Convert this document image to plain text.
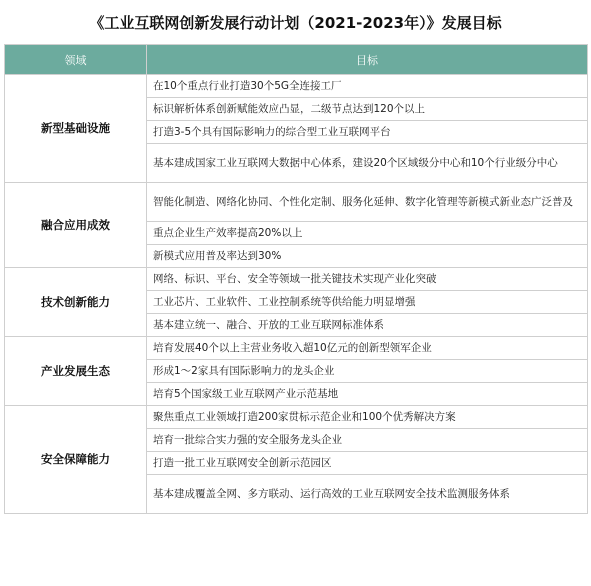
《工业互联网创新发展行动计划（2021-2023年）》发展目标
领域	目标
新型基础设施	在10个重点行业打造30个5G全连接工厂
	标识解析体系创新赋能效应凸显，二级节点达到120个以上
	打造3-5个具有国际影响力的综合型工业互联网平台
	基本建成国家工业互联网大数据中心体系，建设20个区域级分中心和10个行业级分中心
融合应用成效	智能化制造、网络化协同、个性化定制、服务化延伸、数字化管理等新模式新业态广泛普及
	重点企业生产效率提高20%以上
	新模式应用普及率达到30%
技术创新能力	网络、标识、平台、安全等领域一批关键技术实现产业化突破
	工业芯片、工业软件、工业控制系统等供给能力明显增强
	基本建立统一、融合、开放的工业互联网标准体系
产业发展生态	培育发展40个以上主营业务收入超10亿元的创新型领军企业
	形成1～2家具有国际影响力的龙头企业
	培育5个国家级工业互联网产业示范基地
安全保障能力	聚焦重点工业领域打造200家贯标示范企业和100个优秀解决方案
	培育一批综合实力强的安全服务龙头企业
	打造一批工业互联网安全创新示范园区
	基本建成覆盖全网、多方联动、运行高效的工业互联网安全技术监测服务体系
